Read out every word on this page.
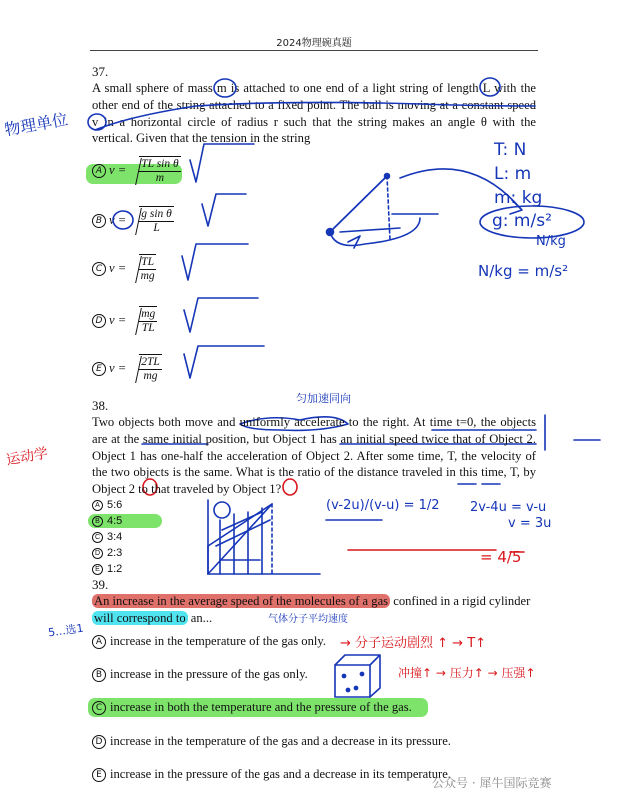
2024物理碗真题
37.
A small sphere of mass m is attached to one end of a light string of length L with the other end of the string attached to a fixed point. The ball is moving at a constant speed v in a horizontal circle of radius r such that the string makes an angle θ with the vertical. Given that the tension in the string
A $v = \frac{\text{TL sin θ}}{m}$
B $v = \frac{\text{g sin θ}}{L}$
C $v = \frac{TL}{mg}$
D $v = \frac{mg}{TL}$
E $v = \frac{2TL}{mg}$
物理单位
运动学
T: N
L: m
m: kg
g: m/s²
N/kg
N/kg = m/s²
匀加速同向
38.
Two objects both move and uniformly accelerate to the right. At time t=0, the objects are at the same initial position, but Object 1 has an initial speed twice that of Object 2. Object 1 has one-half the acceleration of Object 2. After some time, T, the velocity of the two objects is the same. What is the ratio of the distance traveled in this time, T, by Object 2 to that traveled by Object 1?
A 5:6
B 4:5
C 3:4
D 2:3
E 1:2
(v-2u)/(v-u) = 1/2 2v-4u = v-u
v = 3u
= 4/5
39.
An increase in the average speed of the molecules of a gas confined in a rigid cylinder
will correspond to an...	气体分子平均速度
5...选1
A increase in the temperature of the gas only. → 分子运动剧烈 ↑ → T↑
B increase in the pressure of the gas only.	冲撞↑ → 压力↑ → 压强↑
C increase in both the temperature and the pressure of the gas.
D increase in the temperature of the gas and a decrease in its pressure.
E increase in the pressure of the gas and a decrease in its temperature.
公众号 · 犀牛国际竞赛
